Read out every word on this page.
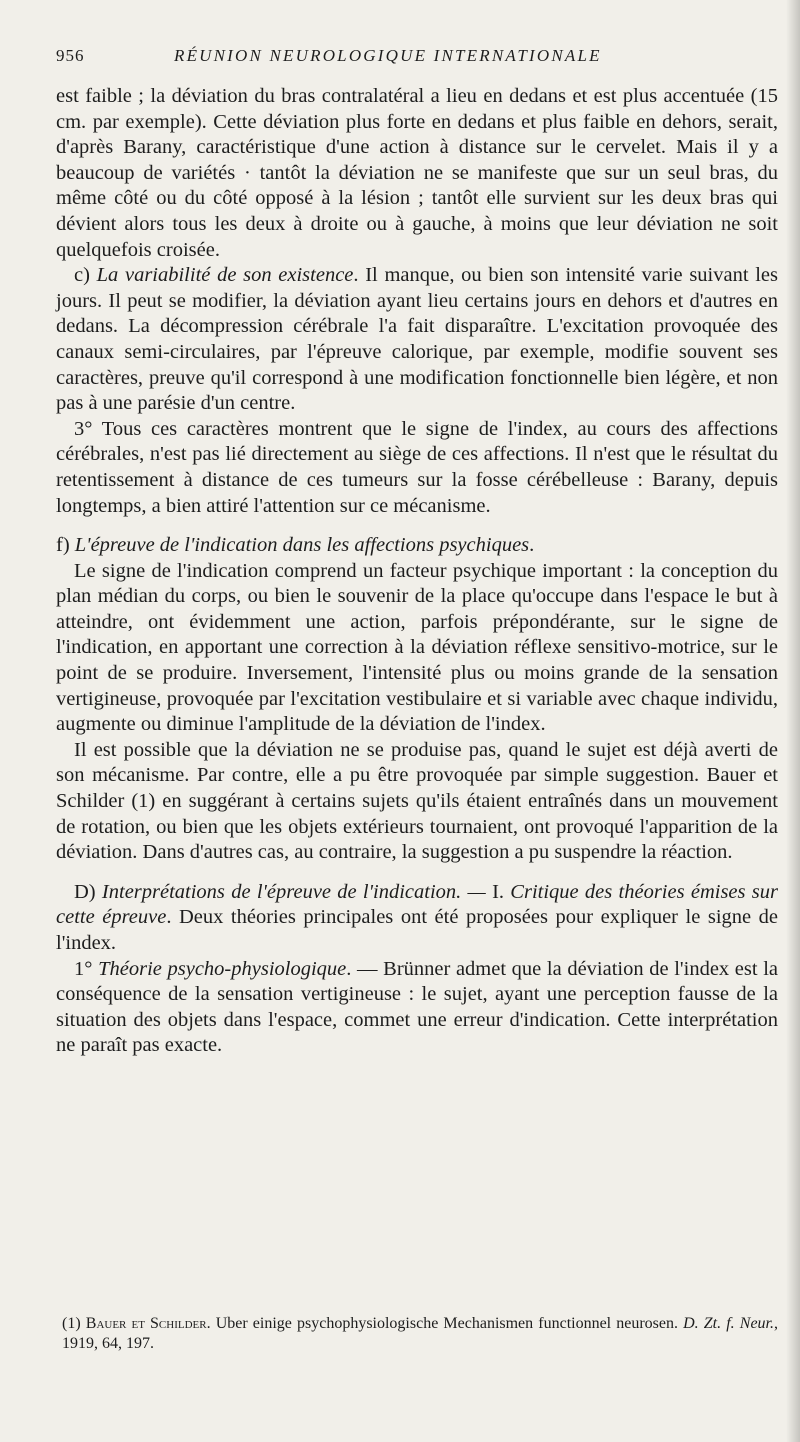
956	RÉUNION NEUROLOGIQUE INTERNATIONALE

est faible ; la déviation du bras contralatéral a lieu en dedans et est plus accentuée (15 cm. par exemple). Cette déviation plus forte en dedans et plus faible en dehors, serait, d'après Barany, caractéristique d'une action à distance sur le cervelet. Mais il y a beaucoup de variétés · tantôt la déviation ne se manifeste que sur un seul bras, du même côté ou du côté opposé à la lésion ; tantôt elle survient sur les deux bras qui dévient alors tous les deux à droite ou à gauche, à moins que leur déviation ne soit quelquefois croisée.

c) La variabilité de son existence. Il manque, ou bien son intensité varie suivant les jours. Il peut se modifier, la déviation ayant lieu certains jours en dehors et d'autres en dedans. La décompression cérébrale l'a fait disparaître. L'excitation provoquée des canaux semi-circulaires, par l'épreuve calorique, par exemple, modifie souvent ses caractères, preuve qu'il correspond à une modification fonctionnelle bien légère, et non pas à une parésie d'un centre.

3° Tous ces caractères montrent que le signe de l'index, au cours des affections cérébrales, n'est pas lié directement au siège de ces affections. Il n'est que le résultat du retentissement à distance de ces tumeurs sur la fosse cérébelleuse : Barany, depuis longtemps, a bien attiré l'attention sur ce mécanisme.

f) L'épreuve de l'indication dans les affections psychiques.

Le signe de l'indication comprend un facteur psychique important : la conception du plan médian du corps, ou bien le souvenir de la place qu'occupe dans l'espace le but à atteindre, ont évidemment une action, parfois prépondérante, sur le signe de l'indication, en apportant une correction à la déviation réflexe sensitivo-motrice, sur le point de se produire. Inversement, l'intensité plus ou moins grande de la sensation vertigineuse, provoquée par l'excitation vestibulaire et si variable avec chaque individu, augmente ou diminue l'amplitude de la déviation de l'index.

Il est possible que la déviation ne se produise pas, quand le sujet est déjà averti de son mécanisme. Par contre, elle a pu être provoquée par simple suggestion. Bauer et Schilder (1) en suggérant à certains sujets qu'ils étaient entraînés dans un mouvement de rotation, ou bien que les objets extérieurs tournaient, ont provoqué l'apparition de la déviation. Dans d'autres cas, au contraire, la suggestion a pu suspendre la réaction.

D) Interprétations de l'épreuve de l'indication. — I. Critique des théories émises sur cette épreuve. Deux théories principales ont été proposées pour expliquer le signe de l'index.

1° Théorie psycho-physiologique. — Brünner admet que la déviation de l'index est la conséquence de la sensation vertigineuse : le sujet, ayant une perception fausse de la situation des objets dans l'espace, commet une erreur d'indication. Cette interprétation ne paraît pas exacte.

(1) Bauer et Schilder. Uber einige psychophysiologische Mechanismen functionnel neurosen. D. Zt. f. Neur., 1919, 64, 197.
